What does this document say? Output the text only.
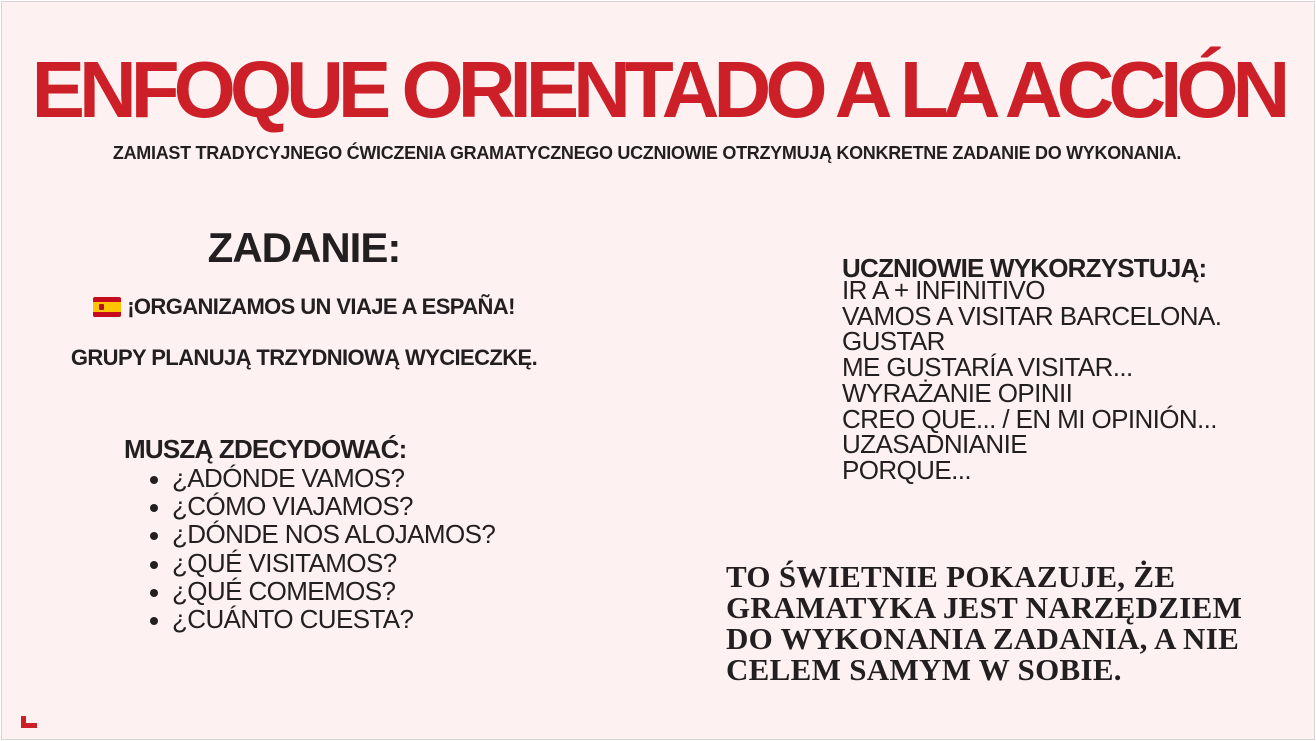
ENFOQUE ORIENTADO A LA ACCIÓN

ZAMIAST TRADYCYJNEGO ĆWICZENIA GRAMATYCZNEGO UCZNIOWIE OTRZYMUJĄ KONKRETNE ZADANIE DO WYKONANIA.

ZADANIE:

¡ORGANIZAMOS UN VIAJE A ESPAÑA!

GRUPY PLANUJĄ TRZYDNIOWĄ WYCIECZKĘ.

MUSZĄ ZDECYDOWAĆ:
¿ADÓNDE VAMOS?
¿CÓMO VIAJAMOS?
¿DÓNDE NOS ALOJAMOS?
¿QUÉ VISITAMOS?
¿QUÉ COMEMOS?
¿CUÁNTO CUESTA?
UCZNIOWIE WYKORZYSTUJĄ:
IR A + INFINITIVO
VAMOS A VISITAR BARCELONA.
GUSTAR
ME GUSTARÍA VISITAR...
WYRAŻANIE OPINII
CREO QUE... / EN MI OPINIÓN...
UZASADNIANIE
PORQUE...

TO ŚWIETNIE POKAZUJE, ŻE GRAMATYKA JEST NARZĘDZIEM DO WYKONANIA ZADANIA, A NIE CELEM SAMYM W SOBIE.
